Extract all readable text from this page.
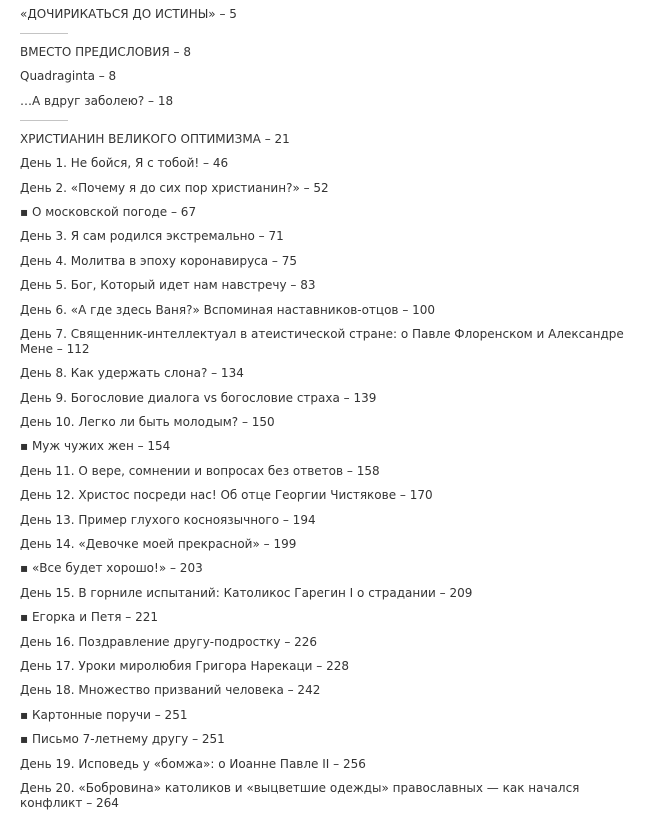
«ДОЧИРИКАТЬСЯ ДО ИСТИНЫ» – 5
ВМЕСТО ПРЕДИСЛОВИЯ – 8
Quadraginta – 8
…А вдруг заболею? – 18
ХРИСТИАНИН ВЕЛИКОГО ОПТИМИЗМА – 21
День 1. Не бойся, Я с тобой! – 46
День 2. «Почему я до сих пор христианин?» – 52
▪ О московской погоде – 67
День 3. Я сам родился экстремально – 71
День 4. Молитва в эпоху коронавируса – 75
День 5. Бог, Который идет нам навстречу – 83
День 6. «А где здесь Ваня?» Вспоминая наставников-отцов – 100
День 7. Священник-интеллектуал в атеистической стране: о Павле Флоренском и Александре Мене – 112
День 8. Как удержать слона? – 134
День 9. Богословие диалога vs богословие страха – 139
День 10. Легко ли быть молодым? – 150
▪ Муж чужих жен – 154
День 11. О вере, сомнении и вопросах без ответов – 158
День 12. Христос посреди нас! Об отце Георгии Чистякове – 170
День 13. Пример глухого косноязычного – 194
День 14. «Девочке моей прекрасной» – 199
▪ «Все будет хорошо!» – 203
День 15. В горниле испытаний: Католикос Гарегин I о страдании – 209
▪ Егорка и Петя – 221
День 16. Поздравление другу-подростку – 226
День 17. Уроки миролюбия Григора Нарекаци – 228
День 18. Множество призваний человека – 242
▪ Картонные поручи – 251
▪ Письмо 7-летнему другу – 251
День 19. Исповедь у «бомжа»: о Иоанне Павле II – 256
День 20. «Бобровина» католиков и «выцветшие одежды» православных — как начался конфликт – 264
